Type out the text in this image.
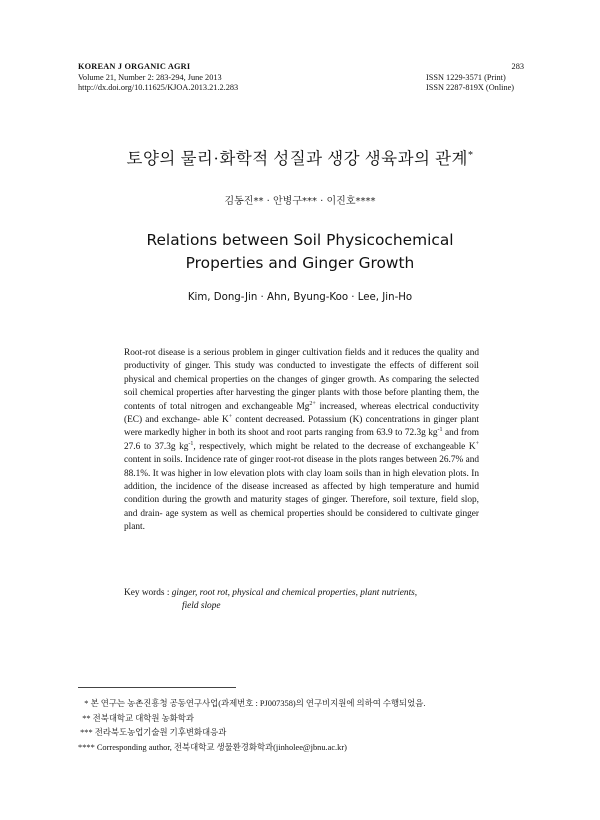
KOREAN J ORGANIC AGRI
Volume 21, Number 2: 283-294, June 2013
http://dx.doi.org/10.11625/KJOA.2013.21.2.283
283
ISSN 1229-3571 (Print)
ISSN 2287-819X (Online)
토양의 물리·화학적 성질과 생강 생육과의 관계*
김동진** · 안병구*** · 이진호****
Relations between Soil Physicochemical
Properties and Ginger Growth
Kim, Dong-Jin · Ahn, Byung-Koo · Lee, Jin-Ho
Root-rot disease is a serious problem in ginger cultivation fields and it reduces the quality and productivity of ginger. This study was conducted to investigate the effects of different soil physical and chemical properties on the changes of ginger growth. As comparing the selected soil chemical properties after harvesting the ginger plants with those before planting them, the contents of total nitrogen and exchangeable $Mg^{2+}$ increased, whereas electrical conductivity (EC) and exchange- able K+ content decreased. Potassium (K) concentrations in ginger plant were markedly higher in both its shoot and root parts ranging from 63.9 to 72.3g $kg^{-1}$ and from 27.6 to 37.3g $kg^{-1}$, respectively, which might be related to the decrease of exchangeable K+ content in soils. Incidence rate of ginger root-rot disease in the plots ranges between 26.7% and 88.1%. It was higher in low elevation plots with clay loam soils than in high elevation plots. In addition, the incidence of the disease increased as affected by high temperature and humid condition during the growth and maturity stages of ginger. Therefore, soil texture, field slop, and drain- age system as well as chemical properties should be considered to cultivate ginger plant.
Key words : ginger, root rot, physical and chemical properties, plant nutrients,
field slope
* 본 연구는 농촌진흥청 공동연구사업(과제번호 : PJ007358)의 연구비지원에 의하여 수행되었음.
** 전북대학교 대학원 농화학과
*** 전라북도농업기술원 기후변화대응과
**** Corresponding author, 전북대학교 생물환경화학과(jinholee@jbnu.ac.kr)
